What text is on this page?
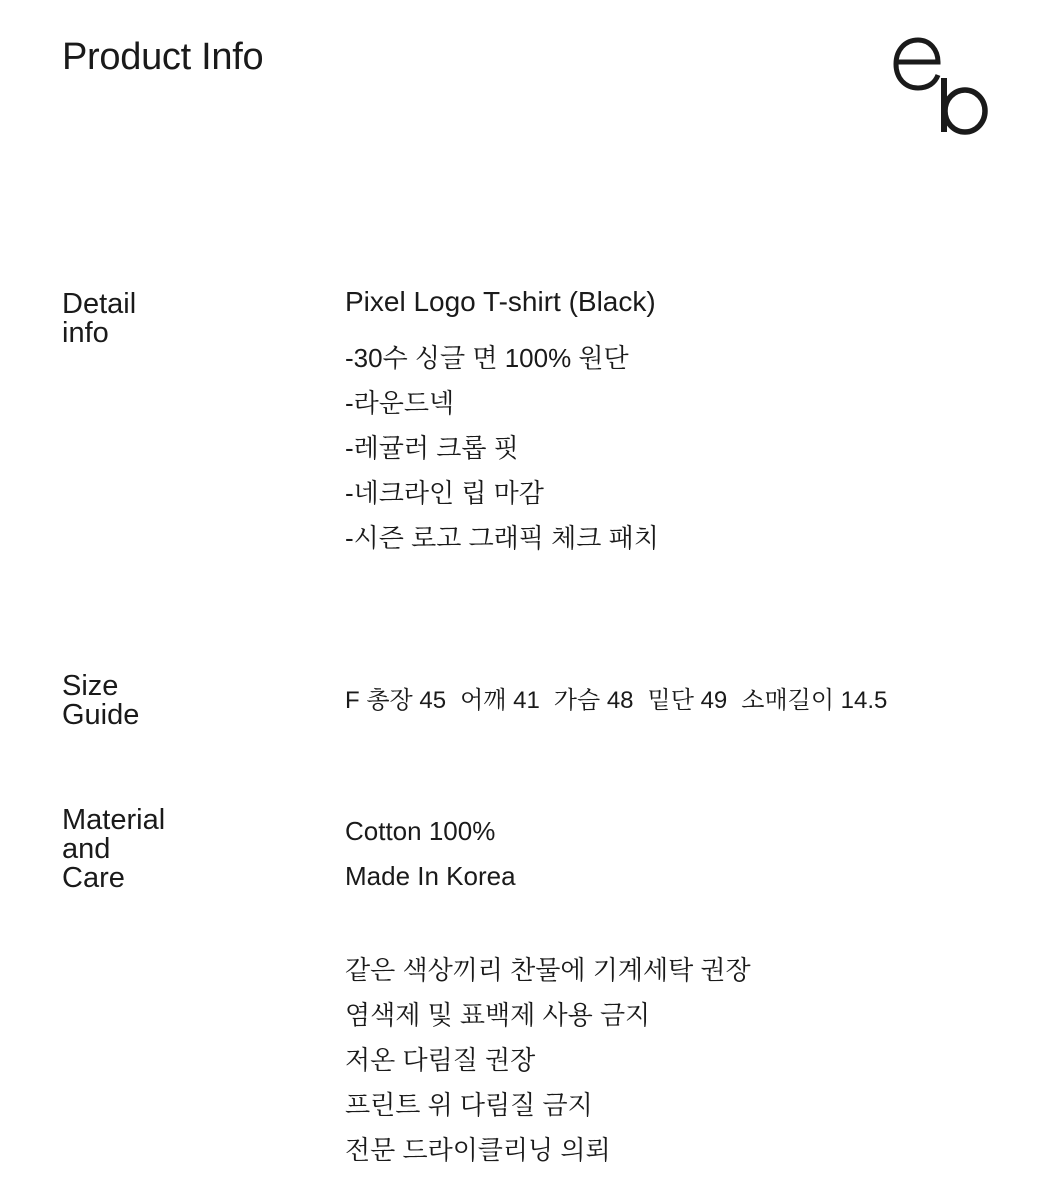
Product Info
Detail
info
Pixel Logo T-shirt (Black)
-30수 싱글 면 100% 원단
-라운드넥
-레귤러 크롭 핏
-네크라인 립 마감
-시즌 로고 그래픽 체크 패치
Size
Guide	F 총장 45 어깨 41 가슴 48 밑단 49 소매길이 14.5
Material
and
Care
Cotton 100%
Made In Korea
같은 색상끼리 찬물에 기계세탁 권장
염색제 및 표백제 사용 금지
저온 다림질 권장
프린트 위 다림질 금지
전문 드라이클리닝 의뢰
